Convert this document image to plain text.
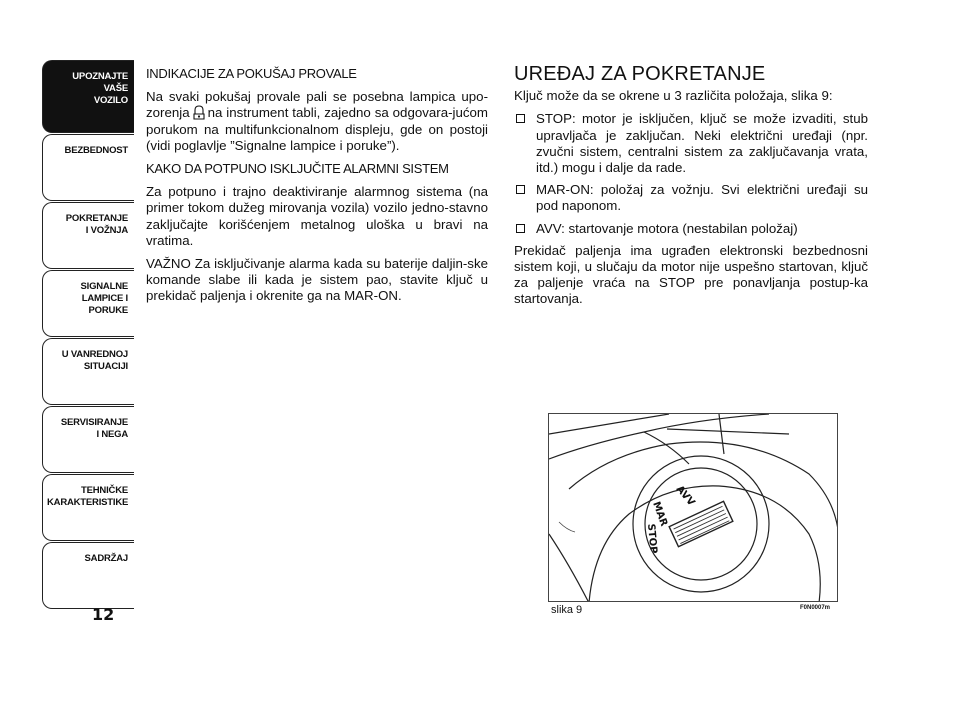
UPOZNAJTE
VAŠE
VOZILO
BEZBEDNOST
POKRETANJE
I VOŽNJA
SIGNALNE
LAMPICE I PORUKE
U VANREDNOJ
SITUACIJI
SERVISIRANJE
I NEGA
TEHNIČKE
KARAKTERISTIKE
SADRŽAJ
12
INDIKACIJE ZA POKUŠAJ PROVALE

Na svaki pokušaj provale pali se posebna lampica upo-zorenja na instrument tabli, zajedno sa odgovara-jućom porukom na multifunkcionalnom displeju, gde on postoji (vidi poglavlje ”Signalne lampice i poruke”).

KAKO DA POTPUNO ISKLJUČITE ALARMNI SISTEM

Za potpuno i trajno deaktiviranje alarmnog sistema (na primer tokom dužeg mirovanja vozila) vozilo jedno-stavno zaključajte korišćenjem metalnog uloška u bravi na vratima.

VAŽNO Za isključivanje alarma kada su baterije daljin-ske komande slabe ili kada je sistem pao, stavite ključ u prekidač paljenja i okrenite ga na MAR-ON.

UREĐAJ ZA POKRETANJE

Ključ može da se okrene u 3 različita položaja, slika 9:

STOP: motor je isključen, ključ se može izvaditi, stub upravljača je zaključan. Neki električni uređaji (npr. zvučni sistem, centralni sistem za zaključavanja vrata, itd.) mogu i dalje da rade.
MAR-ON: položaj za vožnju. Svi električni uređaji su pod naponom.
AVV: startovanje motora (nestabilan položaj)

Prekidač paljenja ima ugrađen elektronski bezbednosni sistem koji, u slučaju da motor nije uspešno startovan, ključ za paljenje vraća na STOP pre ponavljanja postup-ka startovanja.

AVV
MAR
STOP
slika 9	F0N0007m
